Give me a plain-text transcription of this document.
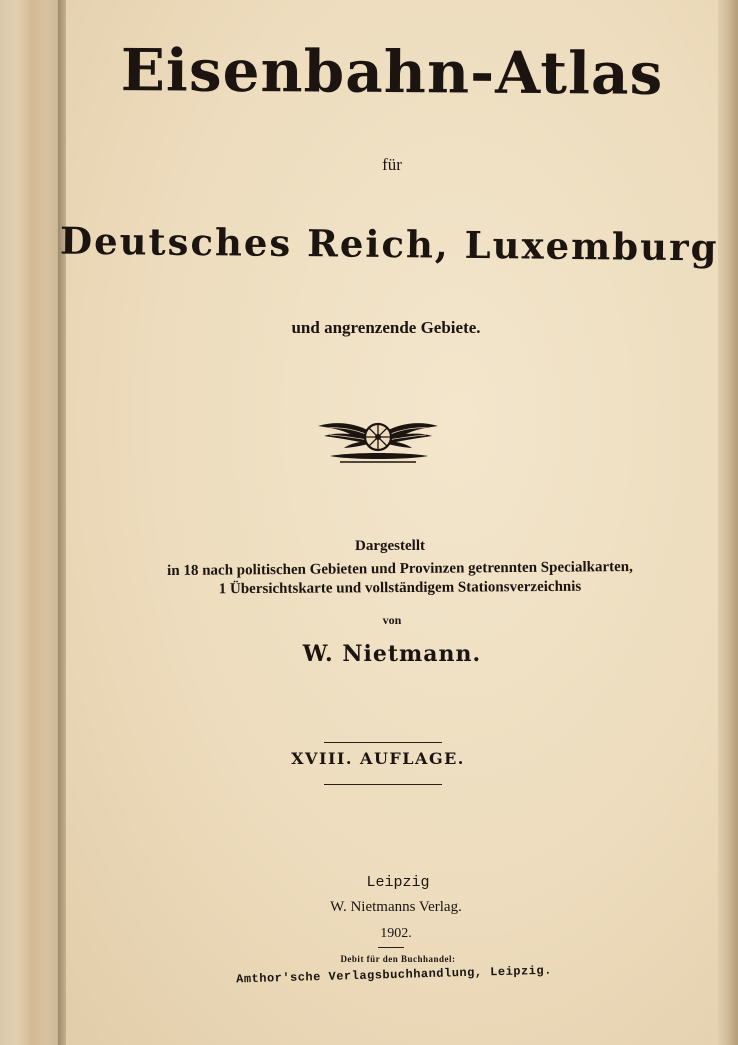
Eisenbahn-Atlas
für
Deutsches Reich, Luxemburg
und angrenzende Gebiete.
Dargestellt
in 18 nach politischen Gebieten und Provinzen getrennten Specialkarten,
1 Übersichtskarte und vollständigem Stationsverzeichnis
von
W. Nietmann.
XVIII. AUFLAGE.
Leipzig
W. Nietmanns Verlag.
1902.
Debit für den Buchhandel:
Amthor'sche Verlagsbuchhandlung, Leipzig.
